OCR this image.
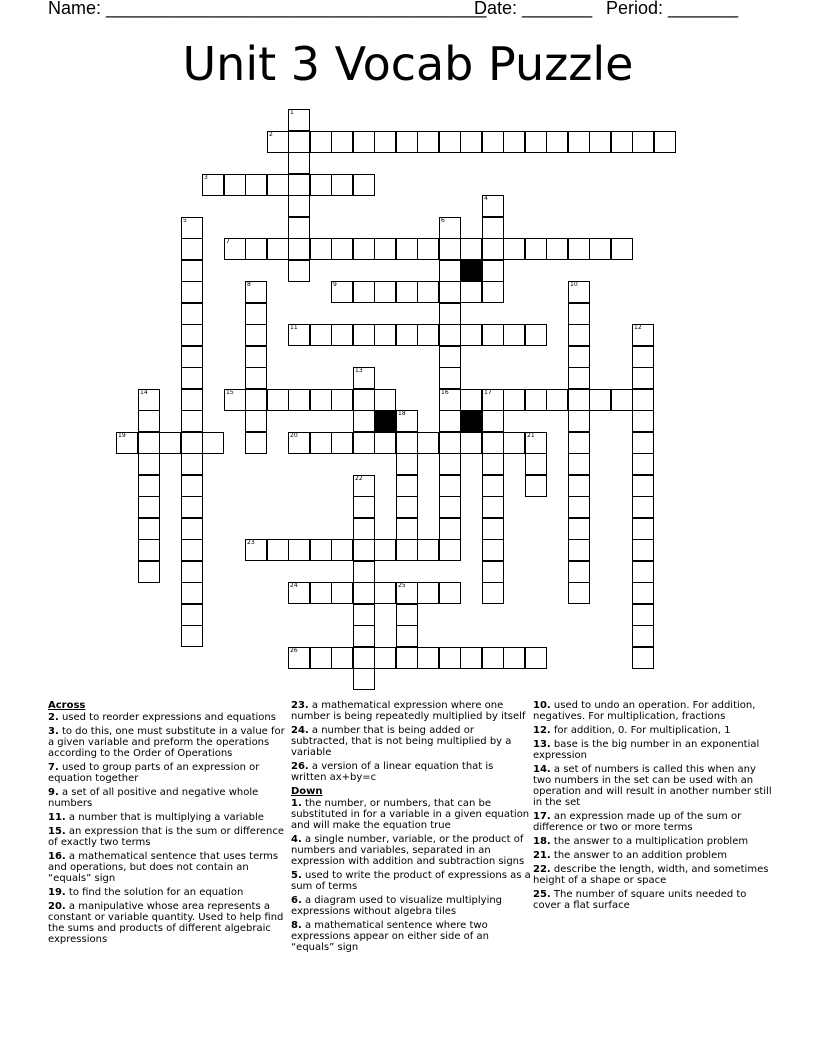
Name: ______________________________________
Date: _______ Period: _______
Unit 3 Vocab Puzzle
1
2
3
4
5	6
7
8	9	10
11	12
13
14	15	16	17
18
19	20	21
22
23
24	25
26
Across
2. used to reorder expressions and equations
3. to do this, one must substitute in a value for a given variable and preform the operations according to the Order of Operations
7. used to group parts of an expression or equation together
9. a set of all positive and negative whole numbers
11. a number that is multiplying a variable
15. an expression that is the sum or difference of exactly two terms
16. a mathematical sentence that uses terms and operations, but does not contain an “equals” sign
19. to find the solution for an equation
20. a manipulative whose area represents a constant or variable quantity. Used to help find the sums and products of different algebraic expressions
23. a mathematical expression where one number is being repeatedly multiplied by itself
24. a number that is being added or subtracted, that is not being multiplied by a variable
26. a version of a linear equation that is written ax+by=c
Down
1. the number, or numbers, that can be substituted in for a variable in a given equation and will make the equation true
4. a single number, variable, or the product of numbers and variables, separated in an expression with addition and subtraction signs
5. used to write the product of expressions as a sum of terms
6. a diagram used to visualize multiplying expressions without algebra tiles
8. a mathematical sentence where two expressions appear on either side of an “equals” sign
10. used to undo an operation. For addition, negatives. For multiplication, fractions
12. for addition, 0. For multiplication, 1
13. base is the big number in an exponential expression
14. a set of numbers is called this when any two numbers in the set can be used with an operation and will result in another number still in the set
17. an expression made up of the sum or difference or two or more terms
18. the answer to a multiplication problem
21. the answer to an addition problem
22. describe the length, width, and sometimes height of a shape or space
25. The number of square units needed to cover a flat surface
